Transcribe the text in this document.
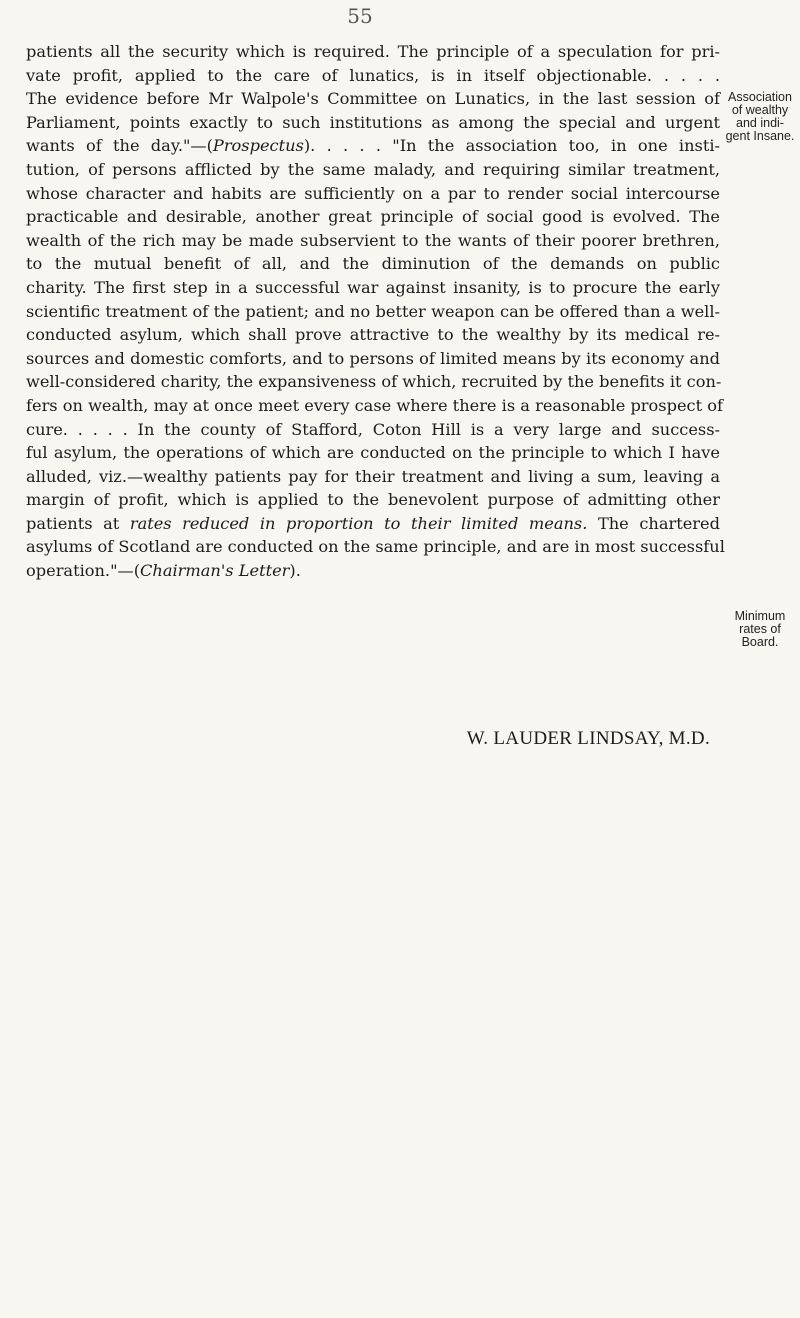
55
patients all the security which is required. The principle of a speculation for pri-
vate profit, applied to the care of lunatics, is in itself objectionable. . . . .
The evidence before Mr Walpole's Committee on Lunatics, in the last session of
Parliament, points exactly to such institutions as among the special and urgent
wants of the day."—(Prospectus). . . . . "In the association too, in one insti-
tution, of persons afflicted by the same malady, and requiring similar treatment,
whose character and habits are sufficiently on a par to render social intercourse
practicable and desirable, another great principle of social good is evolved. The
wealth of the rich may be made subservient to the wants of their poorer brethren,
to the mutual benefit of all, and the diminution of the demands on public
charity. The first step in a successful war against insanity, is to procure the early
scientific treatment of the patient; and no better weapon can be offered than a well-
conducted asylum, which shall prove attractive to the wealthy by its medical re-
sources and domestic comforts, and to persons of limited means by its economy and
well-considered charity, the expansiveness of which, recruited by the benefits it con-
fers on wealth, may at once meet every case where there is a reasonable prospect of
cure. . . . . In the county of Stafford, Coton Hill is a very large and success-
ful asylum, the operations of which are conducted on the principle to which I have
alluded, viz.—wealthy patients pay for their treatment and living a sum, leaving a
margin of profit, which is applied to the benevolent purpose of admitting other
patients at rates reduced in proportion to their limited means. The chartered
asylums of Scotland are conducted on the same principle, and are in most successful
operation."—(Chairman's Letter).
W. LAUDER LINDSAY, M.D.
Association
of wealthy
and indi-
gent Insane.
Minimum
rates of
Board.
